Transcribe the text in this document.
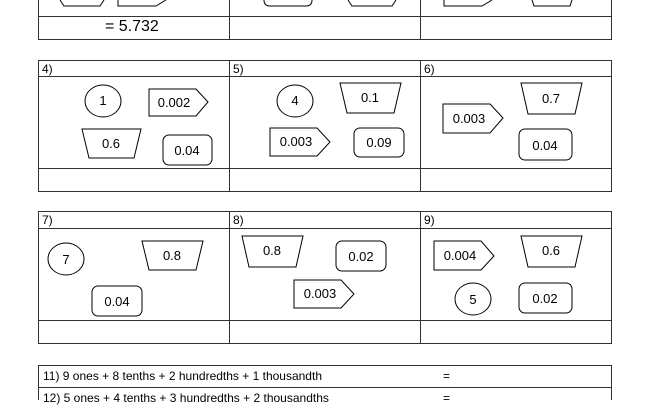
= 5.732
4)	5)	6)
1	0.002
0.6	0.04
4	0.1
0.003	0.09
0.7
0.003
0.04
7)	8)	9)
7	0.8
0.04
0.8	0.02
0.003
0.004	0.6
5	0.02
11) 9 ones + 8 tenths + 2 hundredths + 1 thousandth	=
12) 5 ones + 4 tenths + 3 hundredths + 2 thousandths	=
